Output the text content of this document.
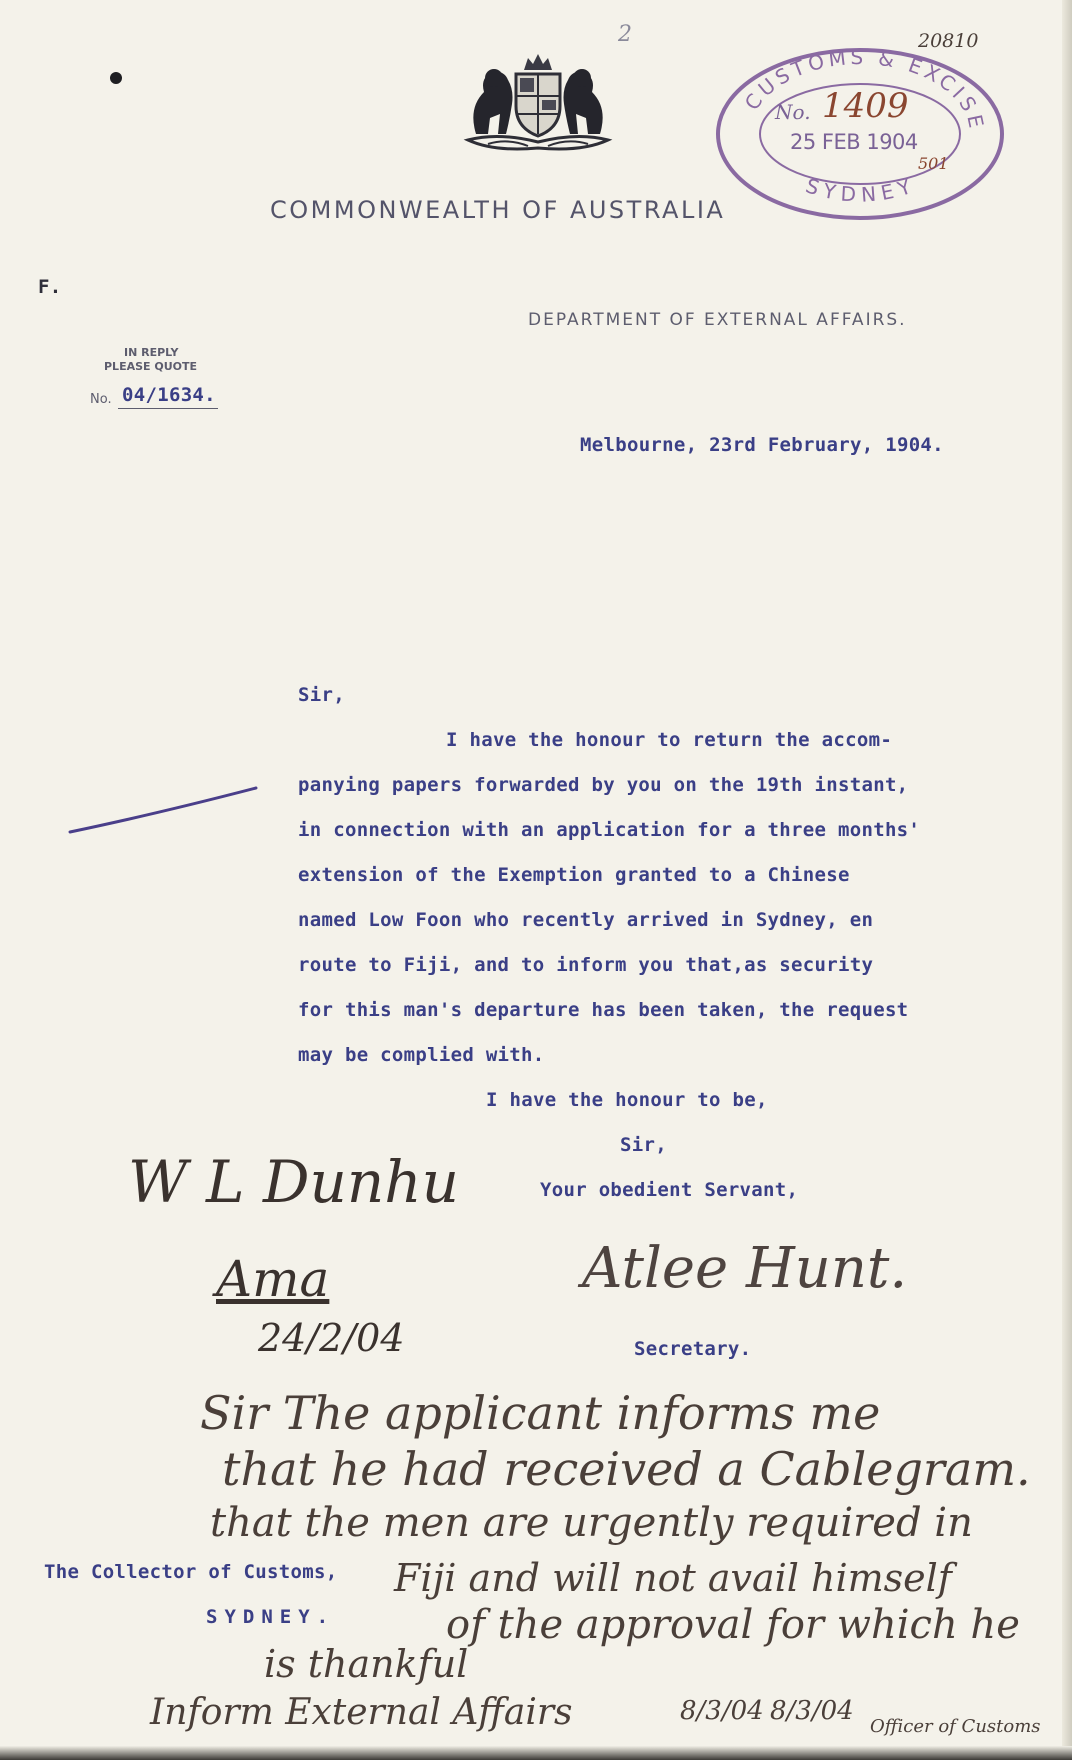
20810
2
CUSTOMS & EXCISE
SYDNEY
No. 1409
25 FEB 1904
501
COMMONWEALTH OF AUSTRALIA
F.
DEPARTMENT OF EXTERNAL AFFAIRS.
IN REPLY
PLEASE QUOTE
No. 04/1634.
Melbourne, 23rd February, 1904.
Sir,
I have the honour to return the accom-
panying papers forwarded by you on the 19th instant,
in connection with an application for a three months'
extension of the Exemption granted to a Chinese
named Low Foon who recently arrived in Sydney, en
route to Fiji, and to inform you that,as security
for this man's departure has been taken, the request
may be complied with.
I have the honour to be,
Sir,
Your obedient Servant,
W L Dunhu
Ama
24/2/04
Atlee Hunt.
Secretary.
Sir The applicant informs me
that he had received a Cablegram.
that the men are urgently required in
Fiji and will not avail himself
of the approval for which he
is thankful
The Collector of Customs,
SYDNEY.
Inform External Affairs	8/3/04 8/3/04
Officer of Customs
